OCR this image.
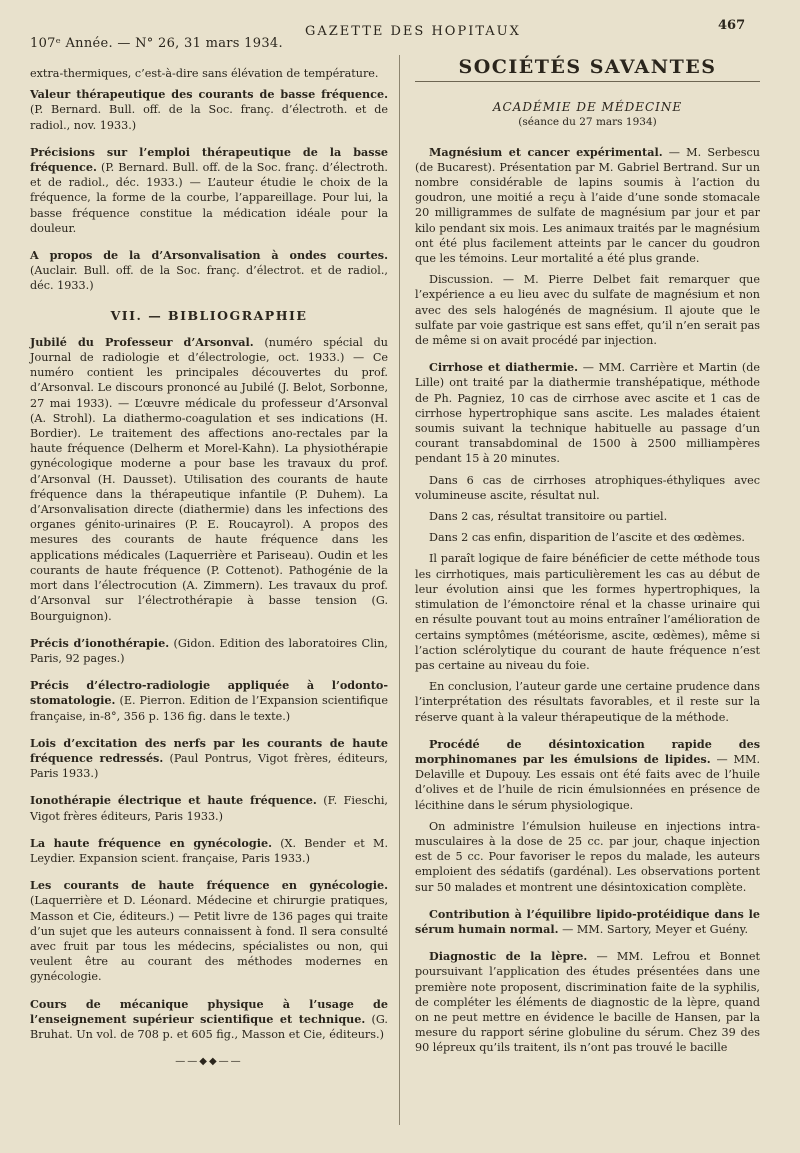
107ᵉ Année. — N° 26, 31 mars 1934.
GAZETTE DES HOPITAUX	467

extra-thermiques, c’est-à-dire sans élévation de température.

Valeur thérapeutique des courants de basse fréquence. (P. Bernard. Bull. off. de la Soc. franç. d’électroth. et de radiol., nov. 1933.)
Précisions sur l’emploi thérapeutique de la basse fréquence. (P. Bernard. Bull. off. de la Soc. franç. d’électroth. et de radiol., déc. 1933.) — L’auteur étudie le choix de la fréquence, la forme de la courbe, l’appareillage. Pour lui, la basse fréquence constitue la médication idéale pour la douleur.
A propos de la d’Arsonvalisation à ondes courtes. (Auclair. Bull. off. de la Soc. franç. d’électrot. et de radiol., déc. 1933.)
VII. — BIBLIOGRAPHIE
Jubilé du Professeur d’Arsonval. (numéro spécial du Journal de radiologie et d’électrologie, oct. 1933.) — Ce numéro contient les principales découvertes du prof. d’Arsonval. Le discours prononcé au Jubilé (J. Belot, Sorbonne, 27 mai 1933). — L’œuvre médicale du professeur d’Arsonval (A. Strohl). La diathermo-coagulation et ses indications (H. Bordier). Le traitement des affections ano-rectales par la haute fréquence (Delherm et Morel-Kahn). La physiothérapie gynécologique moderne a pour base les travaux du prof. d’Arsonval (H. Dausset). Utilisation des courants de haute fréquence dans la thérapeutique infantile (P. Duhem). La d’Arsonvalisation directe (diathermie) dans les infections des organes génito-urinaires (P. E. Roucayrol). A propos des mesures des courants de haute fréquence dans les applications médicales (Laquerrière et Pariseau). Oudin et les courants de haute fréquence (P. Cottenot). Pathogénie de la mort dans l’électrocution (A. Zimmern). Les travaux du prof. d’Arsonval sur l’électrothérapie à basse tension (G. Bourguignon).
Précis d’ionothérapie. (Gidon. Edition des laboratoires Clin, Paris, 92 pages.)
Précis d’électro-radiologie appliquée à l’odonto-stomatologie. (E. Pierron. Edition de l’Expansion scientifique française, in-8°, 356 p. 136 fig. dans le texte.)
Lois d’excitation des nerfs par les courants de haute fréquence redressés. (Paul Pontrus, Vigot frères, éditeurs, Paris 1933.)
Ionothérapie électrique et haute fréquence. (F. Fieschi, Vigot frères éditeurs, Paris 1933.)
La haute fréquence en gynécologie. (X. Bender et M. Leydier. Expansion scient. française, Paris 1933.)
Les courants de haute fréquence en gynécologie. (Laquerrière et D. Léonard. Médecine et chirurgie pratiques, Masson et Cie, éditeurs.) — Petit livre de 136 pages qui traite d’un sujet que les auteurs connaissent à fond. Il sera consulté avec fruit par tous les médecins, spécialistes ou non, qui veulent être au courant des méthodes modernes en gynécologie.
Cours de mécanique physique à l’usage de l’enseignement supérieur scientifique et technique. (G. Bruhat. Un vol. de 708 p. et 605 fig., Masson et Cie, éditeurs.)
——◆◆——
SOCIÉTÉS SAVANTES
ACADÉMIE DE MÉDECINE
(séance du 27 mars 1934)

Magnésium et cancer expérimental. — M. Serbescu (de Bucarest). Présentation par M. Gabriel Bertrand. Sur un nombre considérable de lapins soumis à l’action du goudron, une moitié a reçu à l’aide d’une sonde stomacale 20 milligrammes de sulfate de magnésium par jour et par kilo pendant six mois. Les animaux traités par le magnésium ont été plus facilement atteints par le cancer du goudron que les témoins. Leur mortalité a été plus grande.

Discussion. — M. Pierre Delbet fait remarquer que l’expérience a eu lieu avec du sulfate de magnésium et non avec des sels halogénés de magnésium. Il ajoute que le sulfate par voie gastrique est sans effet, qu’il n’en serait pas de même si on avait procédé par injection.

Cirrhose et diathermie. — MM. Carrière et Martin (de Lille) ont traité par la diathermie transhépatique, méthode de Ph. Pagniez, 10 cas de cirrhose avec ascite et 1 cas de cirrhose hypertrophique sans ascite. Les malades étaient soumis suivant la technique habituelle au passage d’un courant transabdominal de 1500 à 2500 milliampères pendant 15 à 20 minutes.

Dans 6 cas de cirrhoses atrophiques-éthyliques avec volumineuse ascite, résultat nul.

Dans 2 cas, résultat transitoire ou partiel.

Dans 2 cas enfin, disparition de l’ascite et des œdèmes.

Il paraît logique de faire bénéficier de cette méthode tous les cirrhotiques, mais particulièrement les cas au début de leur évolution ainsi que les formes hypertrophiques, la stimulation de l’émonctoire rénal et la chasse urinaire qui en résulte pouvant tout au moins entraîner l’amélioration de certains symptômes (météorisme, ascite, œdèmes), même si l’action sclérolytique du courant de haute fréquence n’est pas certaine au niveau du foie.

En conclusion, l’auteur garde une certaine prudence dans l’interprétation des résultats favorables, et il reste sur la réserve quant à la valeur thérapeutique de la méthode.

Procédé de désintoxication rapide des morphinomanes par les émulsions de lipides. — MM. Delaville et Dupouy. Les essais ont été faits avec de l’huile d’olives et de l’huile de ricin émulsionnées en présence de lécithine dans le sérum physiologique.

On administre l’émulsion huileuse en injections intra-musculaires à la dose de 25 cc. par jour, chaque injection est de 5 cc. Pour favoriser le repos du malade, les auteurs emploient des sédatifs (gardénal). Les observations portent sur 50 malades et montrent une désintoxication complète.

Contribution à l’équilibre lipido-protéidique dans le sérum humain normal. — MM. Sartory, Meyer et Guény.

Diagnostic de la lèpre. — MM. Lefrou et Bonnet poursuivant l’application des études présentées dans une première note proposent, discrimination faite de la syphilis, de compléter les éléments de diagnostic de la lèpre, quand on ne peut mettre en évidence le bacille de Hansen, par la mesure du rapport sérine globuline du sérum. Chez 39 des 90 lépreux qu’ils traitent, ils n’ont pas trouvé le bacille
